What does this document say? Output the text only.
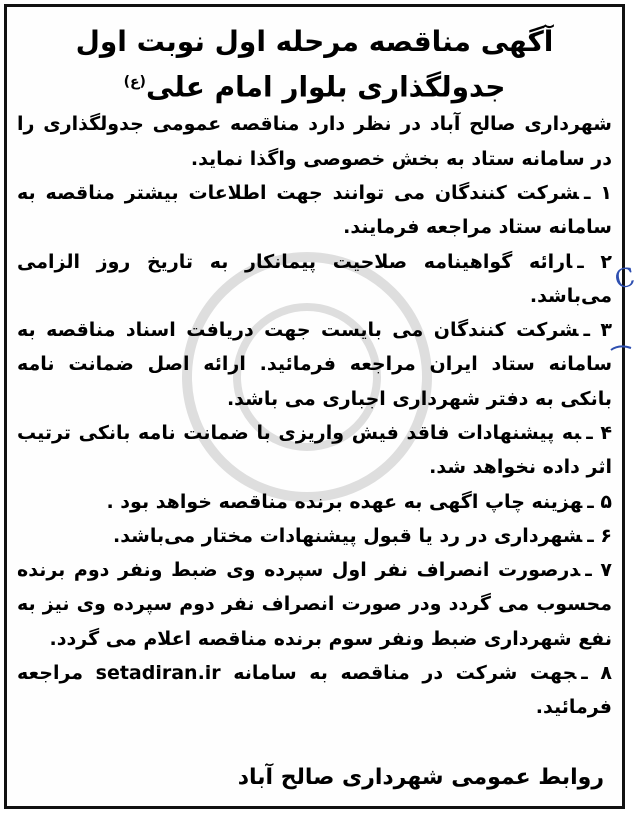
آگهی مناقصه مرحله اول نوبت اول

جدولگذاری بلوار امام علی$^{(ع)}$

شهرداری صالح آباد در نظر دارد مناقصه عمومی جدولگذاری را در سامانه ستاد به بخش خصوصی واگذا نماید.

۱ ـشرکت کنندگان می توانند جهت اطلاعات بیشتر مناقصه به سامانه ستاد مراجعه فرمایند.

۲ ـارائه گواهینامه صلاحیت پیمانکار به تاریخ روز الزامی می‌باشد.

۳ ـشرکت کنندگان می بایست جهت دریافت اسناد مناقصه به سامانه ستاد ایران مراجعه فرمائید. ارائه اصل ضمانت نامه بانکی به دفتر شهرداری اجباری می باشد.

۴ ـبه پیشنهادات فاقد فیش واریزی با ضمانت نامه بانکی ترتیب اثر داده نخواهد شد.

۵ ـهزینه چاپ اگهی به عهده برنده مناقصه خواهد بود .

۶ ـشهرداری در رد یا قبول پیشنهادات مختار می‌باشد.

۷ ـدرصورت انصراف نفر اول سپرده وی ضبط ونفر دوم برنده محسوب می گردد ودر صورت انصراف نفر دوم سپرده وی نیز به نفع شهرداری ضبط ونفر سوم برنده مناقصه اعلام می گردد.

۸ ـجهت شرکت در مناقصه به سامانه setadiran.ir مراجعه فرمائید.

روابط عمومی شهرداری صالح آباد
C
